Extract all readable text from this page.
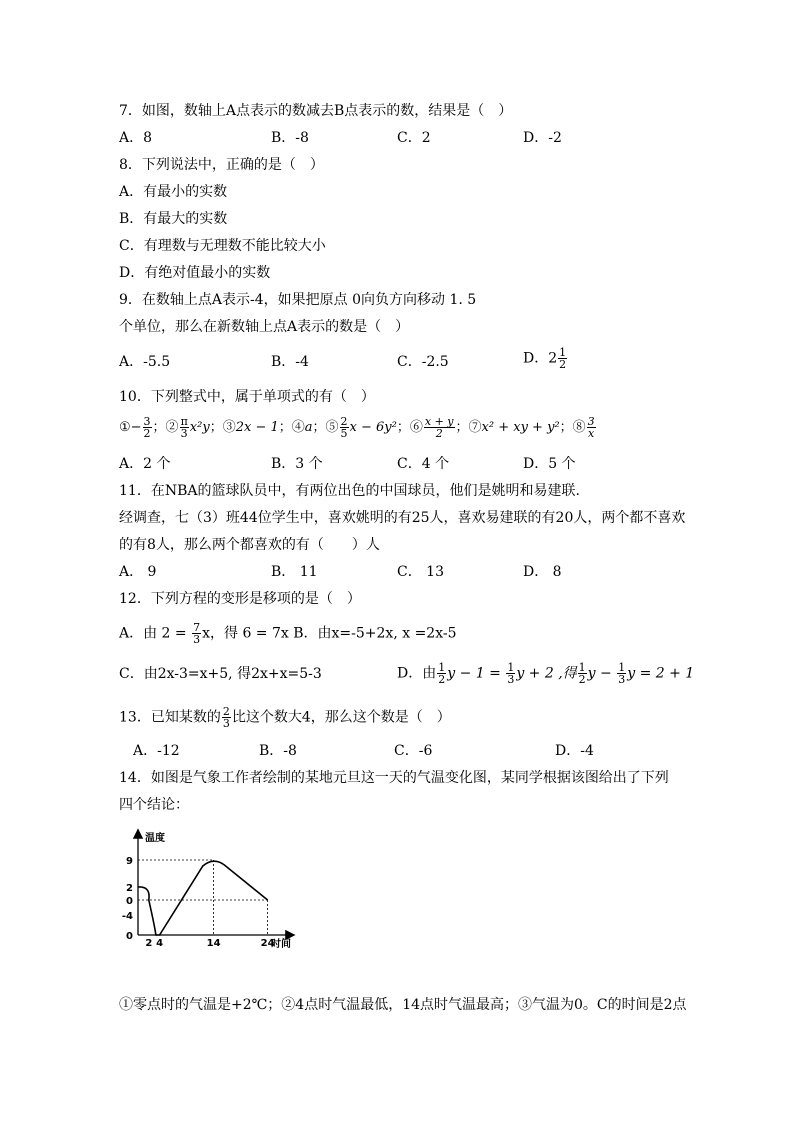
7．如图，数轴上A点表示的数减去B点表示的数，结果是（　）
A．8	B．-8	C．2	D．-2
8．下列说法中，正确的是（　）
A．有最小的实数
B．有最大的实数
C．有理数与无理数不能比较大小
D．有绝对值最小的实数
9．在数轴上点A表示-4，如果把原点 0向负方向移动 1. 5
个单位，那么在新数轴上点A表示的数是（　）
A．-5.5	B．-4	C．-2.5	D．$2 \frac{1}{2}$
10．下列整式中，属于单项式的有（　）
①− $\frac{3}{2}$ ；② $\frac{\pi}{3} x^2y$；③2x − 1；④a；⑤ $\frac{2}{5}$ x − 6y²；⑥ $\frac{x + y}{2}$ ；⑦x² + xy + y²；⑧ $\frac{3}{x}$
A．2 个	B．3 个	C．4 个	D．5 个
11．在NBA的篮球队员中，有两位出色的中国球员，他们是姚明和易建联.
经调查，七（3）班44位学生中，喜欢姚明的有25人，喜欢易建联的有20人，两个都不喜欢
的有8人，那么两个都喜欢的有（　　）人
A． 9	B． 11	C． 13	D． 8
12．下列方程的变形是移项的是（　）
A．由 $2 = \frac{7}{3}$ x，得 6 = 7x B．由x=-5+2x, x =2x-5
C．由2x-3=x+5, 得2x+x=5-3	D．由 $\frac{1}{2}$ $y - 1 = \frac{1}{3}$ y + 2 ,得 $\frac{1}{2}$ $y - \frac{1}{3}$ y = 2 + 1
13．已知某数的 $\frac{2}{3}$ 比这个数大4，那么这个数是（　）
A．-12	B．-8	C．-6	D．-4
14．如图是气象工作者绘制的某地元旦这一天的气温变化图，某同学根据该图给出了下列
四个结论：
温度
时间
9
2
0
-4
0
2 4	14	24
①零点时的气温是+2℃；②4点时气温最低，14点时气温最高；③气温为0。C的时间是2点
